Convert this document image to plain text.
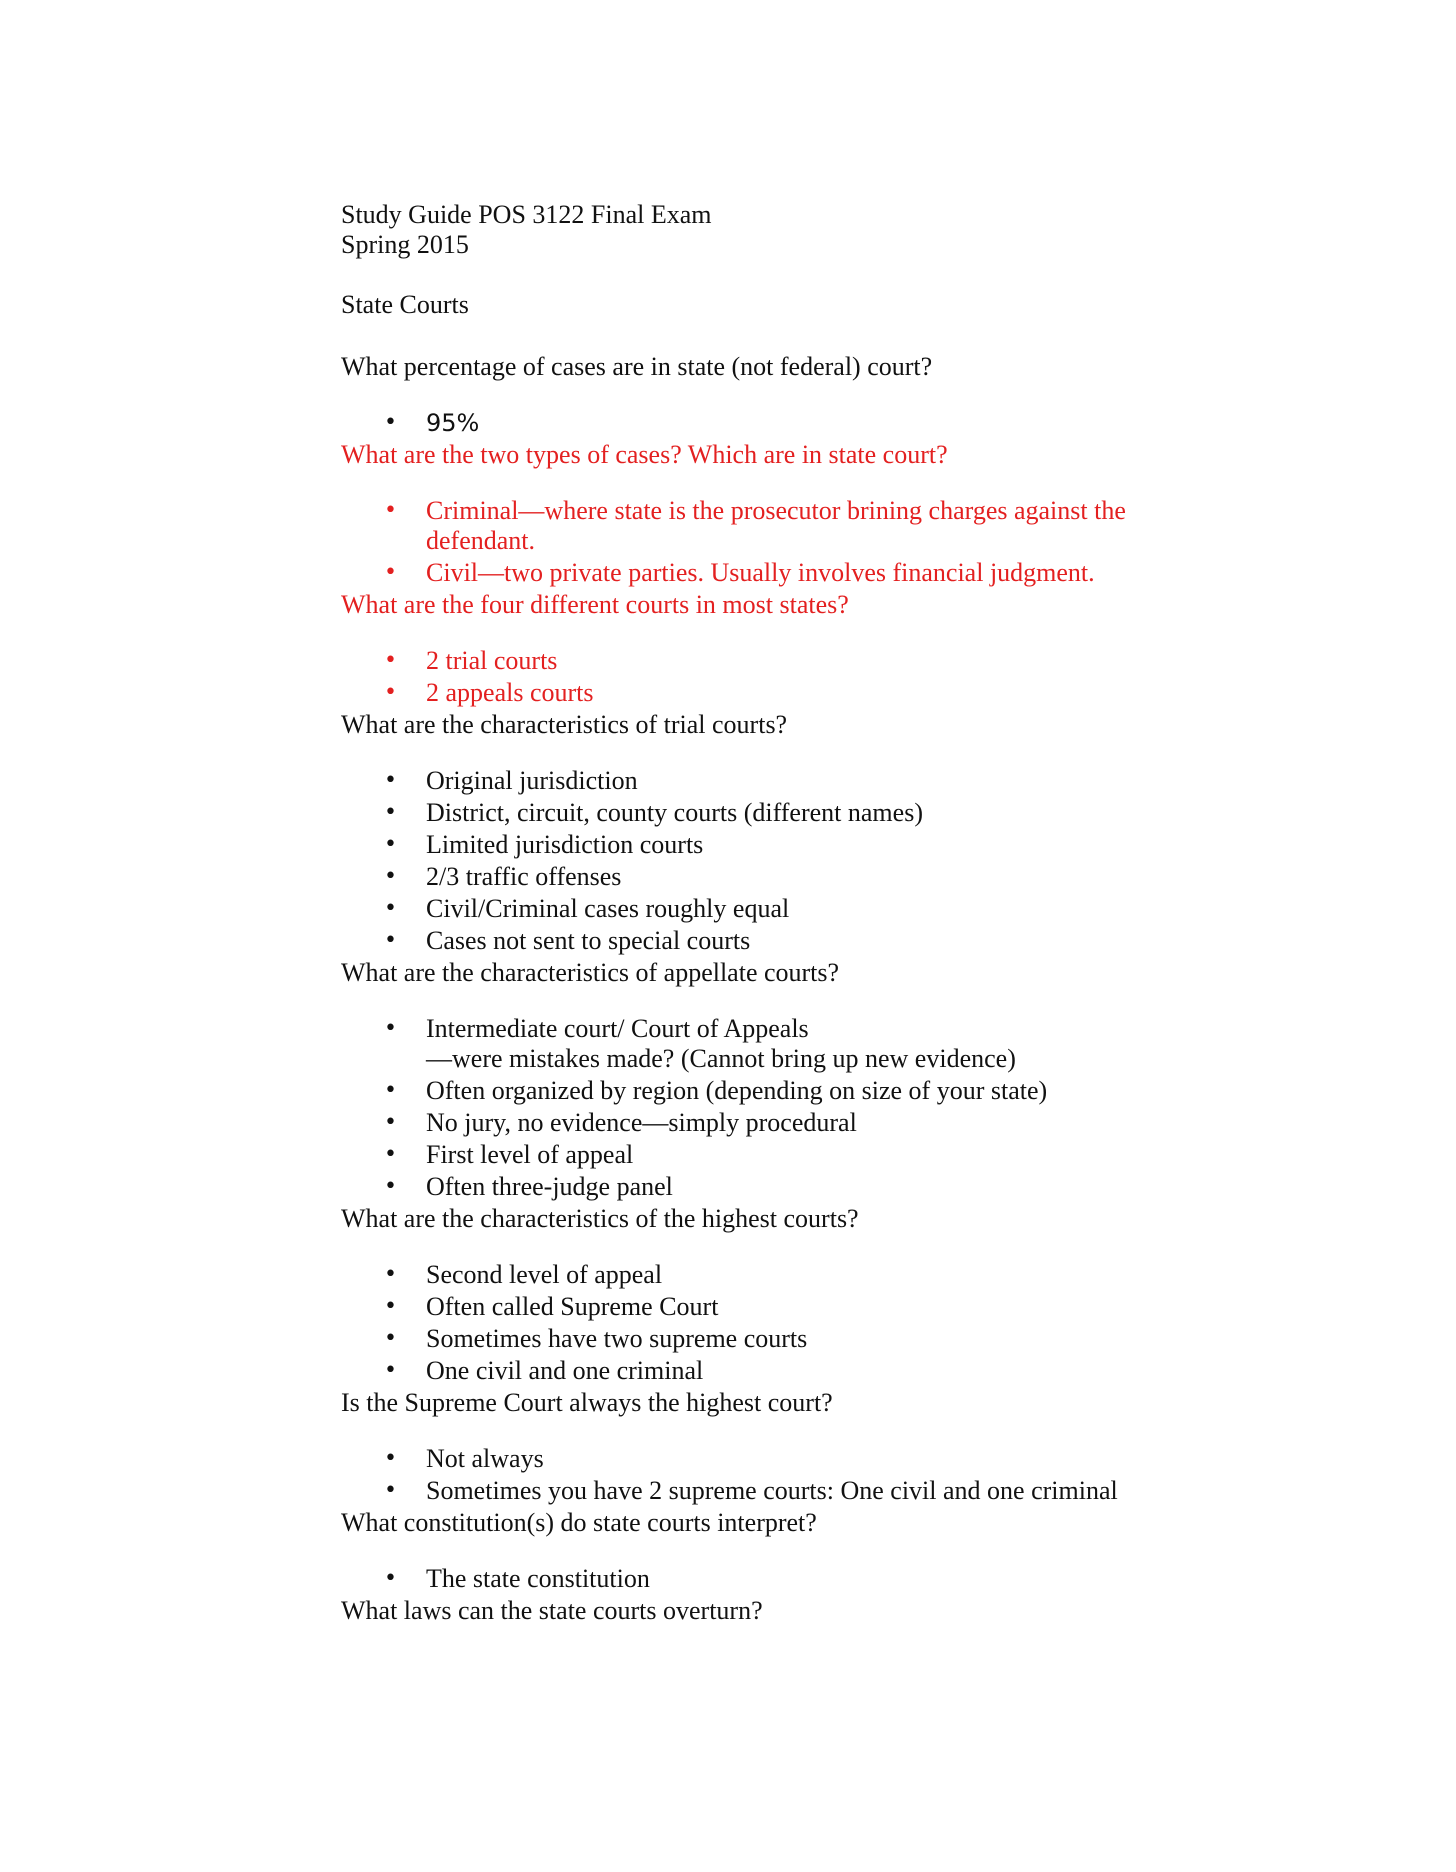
Study Guide POS 3122 Final Exam

Spring 2015

State Courts

What percentage of cases are in state (not federal) court?

• 95%

What are the two types of cases? Which are in state court?

• Criminal—where state is the prosecutor brining charges against the
defendant.
• Civil—two private parties. Usually involves financial judgment.

What are the four different courts in most states?

• 2 trial courts
• 2 appeals courts

What are the characteristics of trial courts?

• Original jurisdiction
• District, circuit, county courts (different names)
• Limited jurisdiction courts
• 2/3 traffic offenses
• Civil/Criminal cases roughly equal
• Cases not sent to special courts

What are the characteristics of appellate courts?

• Intermediate court/ Court of Appeals
—were mistakes made? (Cannot bring up new evidence)
• Often organized by region (depending on size of your state)
• No jury, no evidence—simply procedural
• First level of appeal
• Often three-judge panel

What are the characteristics of the highest courts?

• Second level of appeal
• Often called Supreme Court
• Sometimes have two supreme courts
• One civil and one criminal

Is the Supreme Court always the highest court?

• Not always
• Sometimes you have 2 supreme courts: One civil and one criminal

What constitution(s) do state courts interpret?

• The state constitution

What laws can the state courts overturn?
